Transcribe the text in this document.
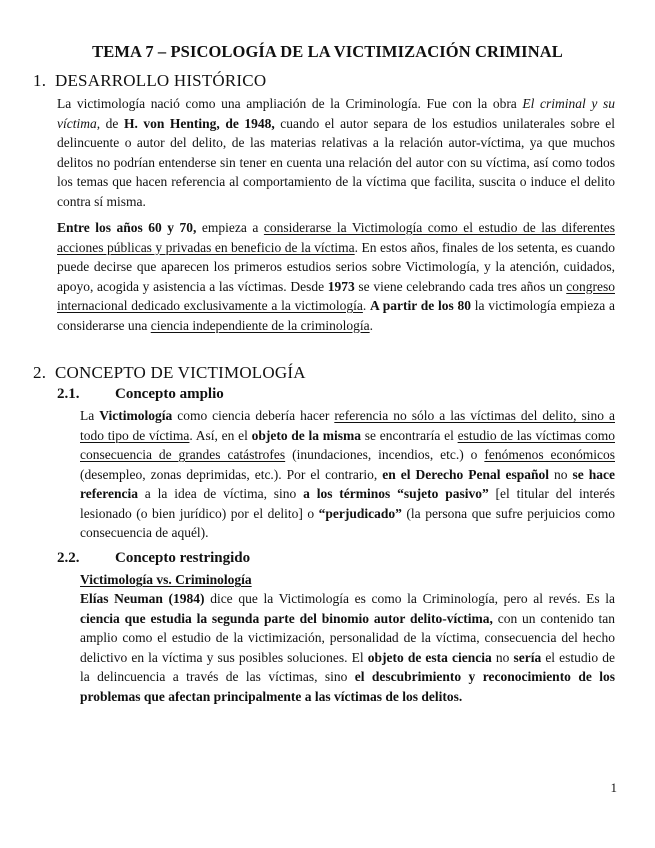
TEMA 7 – PSICOLOGÍA DE LA VICTIMIZACIÓN CRIMINAL
1. DESARROLLO HISTÓRICO
La victimología nació como una ampliación de la Criminología. Fue con la obra El criminal y su víctima, de H. von Henting, de 1948, cuando el autor separa de los estudios unilaterales sobre el delincuente o autor del delito, de las materias relativas a la relación autor-víctima, ya que muchos delitos no podrían entenderse sin tener en cuenta una relación del autor con su víctima, así como todos los temas que hacen referencia al comportamiento de la víctima que facilita, suscita o induce el delito contra sí misma.
Entre los años 60 y 70, empieza a considerarse la Victimología como el estudio de las diferentes acciones públicas y privadas en beneficio de la víctima. En estos años, finales de los setenta, es cuando puede decirse que aparecen los primeros estudios serios sobre Victimología, y la atención, cuidados, apoyo, acogida y asistencia a las víctimas. Desde 1973 se viene celebrando cada tres años un congreso internacional dedicado exclusivamente a la victimología. A partir de los 80 la victimología empieza a considerarse una ciencia independiente de la criminología.
2. CONCEPTO DE VICTIMOLOGÍA
2.1. Concepto amplio
La Victimología como ciencia debería hacer referencia no sólo a las víctimas del delito, sino a todo tipo de víctima. Así, en el objeto de la misma se encontraría el estudio de las víctimas como consecuencia de grandes catástrofes (inundaciones, incendios, etc.) o fenómenos económicos (desempleo, zonas deprimidas, etc.). Por el contrario, en el Derecho Penal español no se hace referencia a la idea de víctima, sino a los términos “sujeto pasivo” [el titular del interés lesionado (o bien jurídico) por el delito] o “perjudicado” (la persona que sufre perjuicios como consecuencia de aquél).
2.2. Concepto restringido
Victimología vs. Criminología
Elías Neuman (1984) dice que la Victimología es como la Criminología, pero al revés. Es la ciencia que estudia la segunda parte del binomio autor delito-víctima, con un contenido tan amplio como el estudio de la victimización, personalidad de la víctima, consecuencia del hecho delictivo en la víctima y sus posibles soluciones. El objeto de esta ciencia no sería el estudio de la delincuencia a través de las víctimas, sino el descubrimiento y reconocimiento de los problemas que afectan principalmente a las víctimas de los delitos.
1
